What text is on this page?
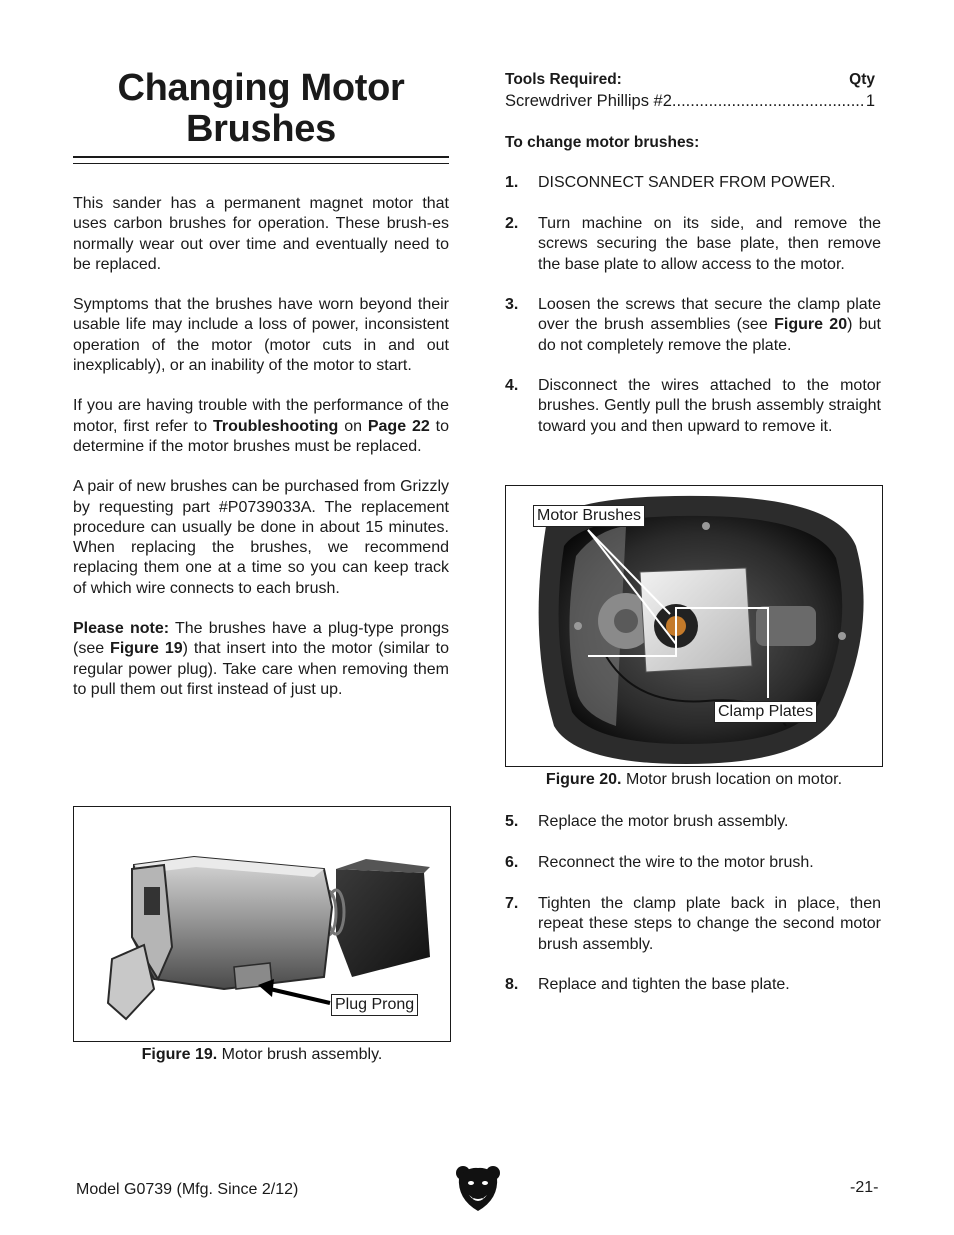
Changing Motor Brushes

This sander has a permanent magnet motor that uses carbon brushes for operation. These brush-es normally wear out over time and eventually need to be replaced.

Symptoms that the brushes have worn beyond their usable life may include a loss of power, inconsistent operation of the motor (motor cuts in and out inexplicably), or an inability of the motor to start.

If you are having trouble with the performance of the motor, first refer to Troubleshooting on Page 22 to determine if the motor brushes must be replaced.

A pair of new brushes can be purchased from Grizzly by requesting part #P0739033A. The replacement procedure can usually be done in about 15 minutes. When replacing the brushes, we recommend replacing them one at a time so you can keep track of which wire connects to each brush.

Please note: The brushes have a plug-type prongs (see Figure 19) that insert into the motor (similar to regular power plug). Take care when removing them to pull them out first instead of just up.

Plug Prong
Figure 19. Motor brush assembly.
Tools Required:	Qty
Screwdriver Phillips #2
.....	1
To change motor brushes:
1. DISCONNECT SANDER FROM POWER.
2. Turn machine on its side, and remove the screws securing the base plate, then remove the base plate to allow access to the motor.
3. Loosen the screws that secure the clamp plate over the brush assemblies (see Figure 20) but do not completely remove the plate.
4. Disconnect the wires attached to the motor brushes. Gently pull the brush assembly straight toward you and then upward to remove it.
Motor Brushes
Clamp Plates
Figure 20. Motor brush location on motor.
5. Replace the motor brush assembly.
6. Reconnect the wire to the motor brush.
7. Tighten the clamp plate back in place, then repeat these steps to change the second motor brush assembly.
8. Replace and tighten the base plate.
Model G0739 (Mfg. Since 2/12)	-21-
